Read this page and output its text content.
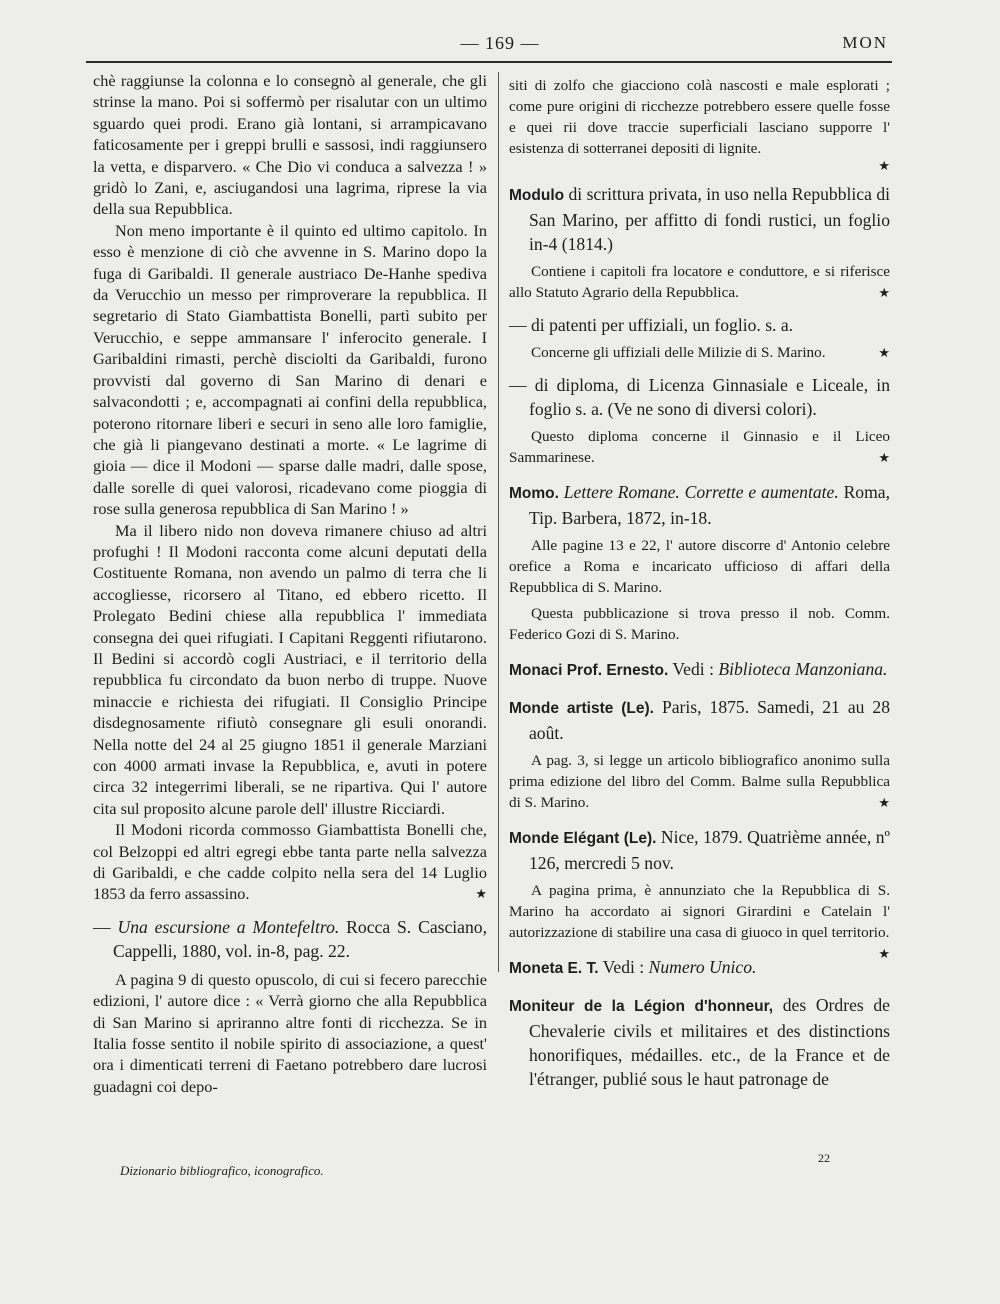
— 169 —	MON

chè raggiunse la colonna e lo consegnò al generale, che gli strinse la mano. Poi si soffermò per risalutar con un ultimo sguardo quei prodi. Erano già lontani, si arrampicavano faticosamente per i greppi brulli e sassosi, indi raggiunsero la vetta, e disparvero. « Che Dio vi conduca a salvezza ! » gridò lo Zani, e, asciugandosi una lagrima, riprese la via della sua Repubblica.

Non meno importante è il quinto ed ultimo capitolo. In esso è menzione di ciò che avvenne in S. Marino dopo la fuga di Garibaldi. Il generale austriaco De-Hanhe spediva da Verucchio un messo per rimproverare la repubblica. Il segretario di Stato Giambattista Bonelli, partì subito per Verucchio, e seppe ammansare l' inferocito generale. I Garibaldini rimasti, perchè disciolti da Garibaldi, furono provvisti dal governo di San Marino di denari e salvacondotti ; e, accompagnati ai confini della repubblica, poterono ritornare liberi e securi in seno alle loro famiglie, che già li piangevano destinati a morte. « Le lagrime di gioia — dice il Modoni — sparse dalle madri, dalle spose, dalle sorelle di quei valorosi, ricadevano come pioggia di rose sulla generosa repubblica di San Marino ! »

Ma il libero nido non doveva rimanere chiuso ad altri profughi ! Il Modoni racconta come alcuni deputati della Costituente Romana, non avendo un palmo di terra che li accogliesse, ricorsero al Titano, ed ebbero ricetto. Il Prolegato Bedini chiese alla repubblica l' immediata consegna dei quei rifugiati. I Capitani Reggenti rifiutarono. Il Bedini si accordò cogli Austriaci, e il territorio della repubblica fu circondato da buon nerbo di truppe. Nuove minaccie e richiesta dei rifugiati. Il Consiglio Principe disdegnosamente rifiutò consegnare gli esuli onorandi. Nella notte del 24 al 25 giugno 1851 il generale Marziani con 4000 armati invase la Repubblica, e, avuti in potere circa 32 integerrimi liberali, se ne ripartiva. Qui l' autore cita sul proposito alcune parole dell' illustre Ricciardi.

Il Modoni ricorda commosso Giambattista Bonelli che, col Belzoppi ed altri egregi ebbe tanta parte nella salvezza di Garibaldi, e che cadde colpito nella sera del 14 Luglio 1853 da ferro assassino.	★

— Una escursione a Montefeltro. Rocca S. Casciano, Cappelli, 1880, vol. in-8, pag. 22.

A pagina 9 di questo opuscolo, di cui si fecero parecchie edizioni, l' autore dice : « Verrà giorno che alla Repubblica di San Marino si apriranno altre fonti di ricchezza. Se in Italia fosse sentito il nobile spirito di associazione, a quest' ora i dimenticati terreni di Faetano potrebbero dare lucrosi guadagni coi depo-

siti di zolfo che giacciono colà nascosti e male esplorati ; come pure origini di ricchezze potrebbero essere quelle fosse e quei rii dove traccie superficiali lasciano supporre l' esistenza di sotterranei depositi di lignite.

★

Modulo di scrittura privata, in uso nella Repubblica di San Marino, per affitto di fondi rustici, un foglio in-4 (1814.)

Contiene i capitoli fra locatore e conduttore, e si riferisce allo Statuto Agrario della Repubblica.	★

— di patenti per uffiziali, un foglio. s. a.

Concerne gli uffiziali delle Milizie di S. Marino.	★

— di diploma, di Licenza Ginnasiale e Liceale, in foglio s. a. (Ve ne sono di diversi colori).

Questo diploma concerne il Ginnasio e il Liceo Sammarinese.	★

Momo. Lettere Romane. Corrette e aumentate. Roma, Tip. Barbera, 1872, in-18.

Alle pagine 13 e 22, l' autore discorre d' Antonio celebre orefice a Roma e incaricato ufficioso di affari della Repubblica di S. Marino.

Questa pubblicazione si trova presso il nob. Comm. Federico Gozi di S. Marino.

Monaci Prof. Ernesto. Vedi : Biblioteca Manzoniana.

Monde artiste (Le). Paris, 1875. Samedi, 21 au 28 août.

A pag. 3, si legge un articolo bibliografico anonimo sulla prima edizione del libro del Comm. Balme sulla Repubblica di S. Marino.	★

Monde Elégant (Le). Nice, 1879. Quatrième année, nº 126, mercredi 5 nov.

A pagina prima, è annunziato che la Repubblica di S. Marino ha accordato ai signori Girardini e Catelain l' autorizzazione di stabilire una casa di giuoco in quel territorio.
★

Moneta E. T. Vedi : Numero Unico.

Moniteur de la Légion d'honneur, des Ordres de Chevalerie civils et militaires et des distinctions honorifiques, médailles. etc., de la France et de l'étranger, publié sous le haut patronage de

22
Dizionario bibliografico, iconografico.
